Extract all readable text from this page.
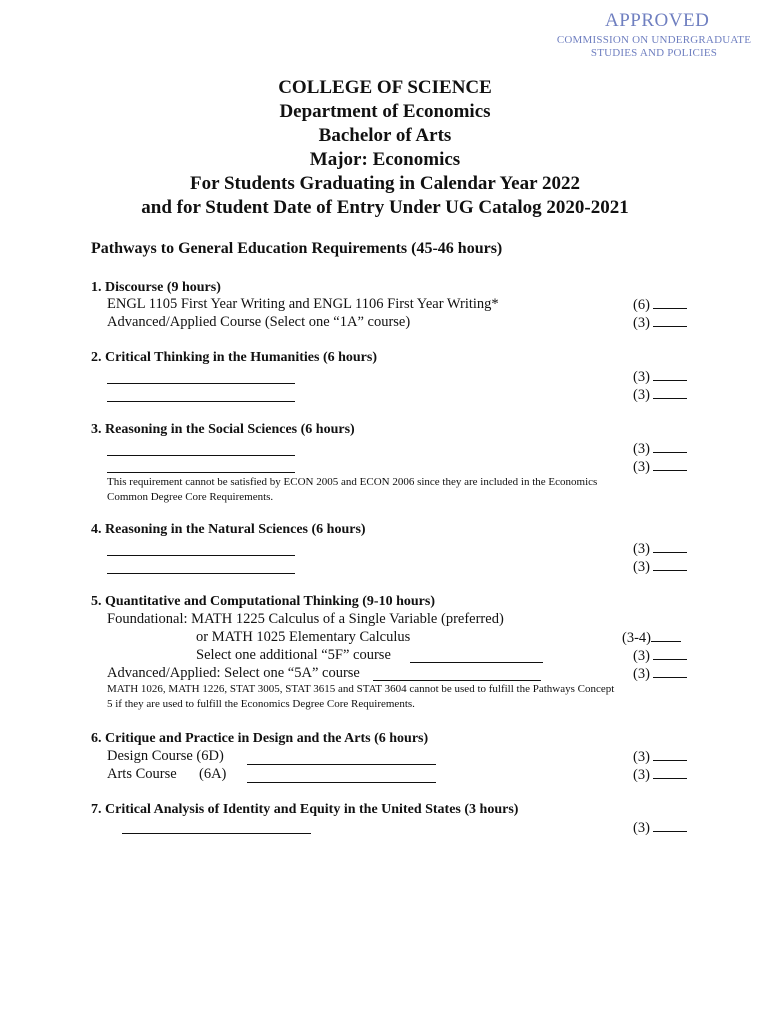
APPROVED
COMMISSION ON UNDERGRADUATE
STUDIES AND POLICIES
COLLEGE OF SCIENCE
Department of Economics
Bachelor of Arts
Major: Economics
For Students Graduating in Calendar Year 2022
and for Student Date of Entry Under UG Catalog 2020-2021
Pathways to General Education Requirements (45-46 hours)
1. Discourse (9 hours)
ENGL 1105 First Year Writing and ENGL 1106 First Year Writing*
Advanced/Applied Course (Select one “1A” course)
(6)
(3)
2. Critical Thinking in the Humanities (6 hours)
(3)
(3)
3. Reasoning in the Social Sciences (6 hours)
(3)
(3)
This requirement cannot be satisfied by ECON 2005 and ECON 2006 since they are included in the Economics Common Degree Core Requirements.
4. Reasoning in the Natural Sciences (6 hours)
(3)
(3)
5. Quantitative and Computational Thinking (9-10 hours)
Foundational: MATH 1225 Calculus of a Single Variable (preferred)
or MATH 1025 Elementary Calculus
Select one additional “5F” course
Advanced/Applied: Select one “5A” course
(3-4)
(3)
(3)
MATH 1026, MATH 1226, STAT 3005, STAT 3615 and STAT 3604 cannot be used to fulfill the Pathways Concept 5 if they are used to fulfill the Economics Degree Core Requirements.
6. Critique and Practice in Design and the Arts (6 hours)
Design Course (6D)
Arts Course (6A)
(3)
(3)
7. Critical Analysis of Identity and Equity in the United States (3 hours)
(3)
